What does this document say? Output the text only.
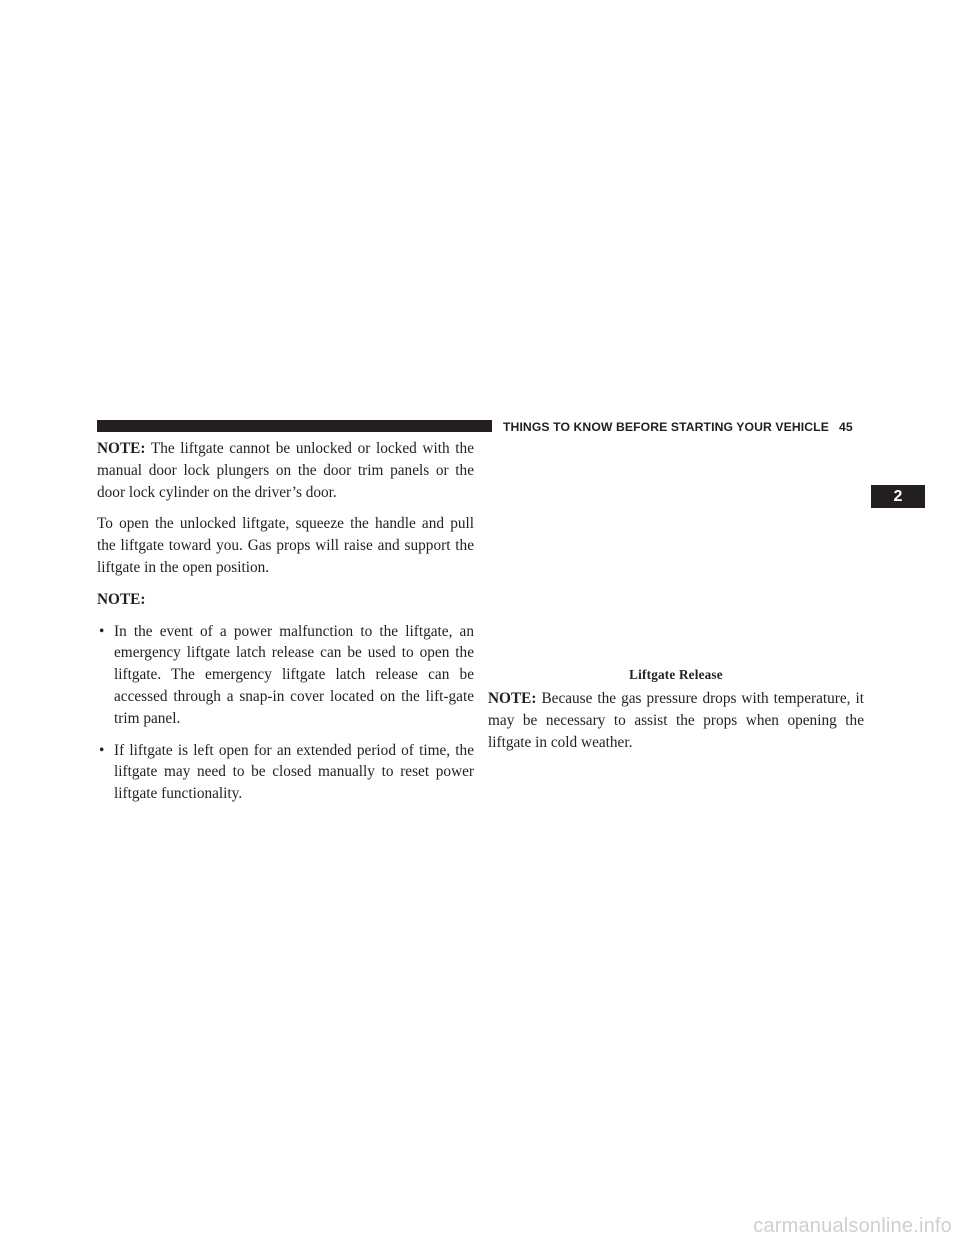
THINGS TO KNOW BEFORE STARTING YOUR VEHICLE 45
2

NOTE: The liftgate cannot be unlocked or locked with the manual door lock plungers on the door trim panels or the door lock cylinder on the driver’s door.

To open the unlocked liftgate, squeeze the handle and pull the liftgate toward you. Gas props will raise and support the liftgate in the open position.

NOTE:

• In the event of a power malfunction to the liftgate, an emergency liftgate latch release can be used to open the liftgate. The emergency liftgate latch release can be accessed through a snap-in cover located on the lift-gate trim panel.
• If liftgate is left open for an extended period of time, the liftgate may need to be closed manually to reset power liftgate functionality.
Liftgate Release

NOTE: Because the gas pressure drops with temperature, it may be necessary to assist the props when opening the liftgate in cold weather.

carmanualsonline.info
